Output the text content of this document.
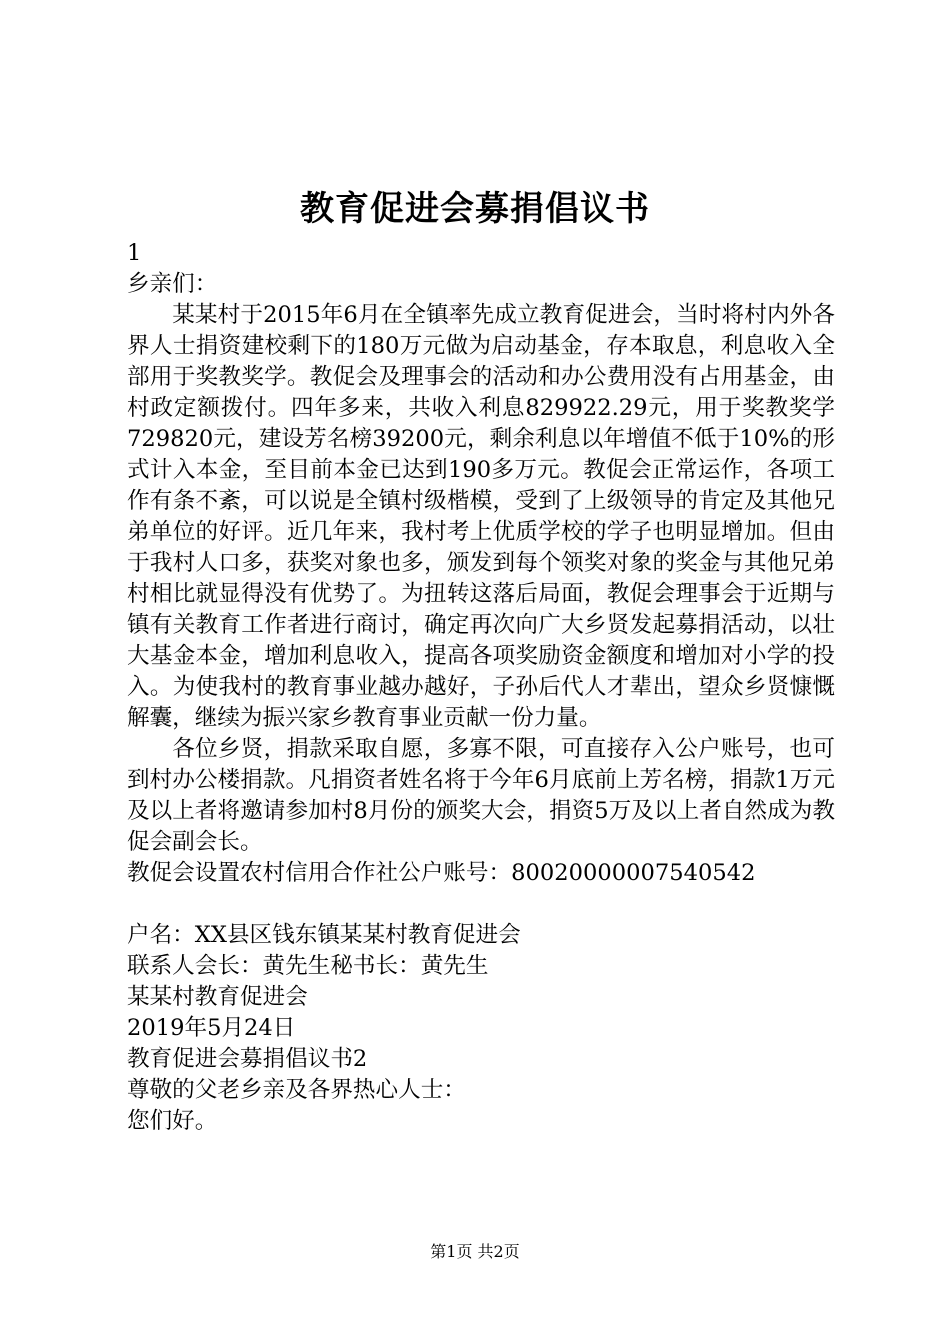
教育促进会募捐倡议书

1

乡亲们：

某某村于2015年6月在全镇率先成立教育促进会，当时将村内外各界人士捐资建校剩下的180万元做为启动基金，存本取息，利息收入全部用于奖教奖学。教促会及理事会的活动和办公费用没有占用基金，由村政定额拨付。四年多来，共收入利息829922.29元，用于奖教奖学729820元，建设芳名榜39200元，剩余利息以年增值不低于10%的形式计入本金，至目前本金已达到190多万元。教促会正常运作，各项工作有条不紊，可以说是全镇村级楷模，受到了上级领导的肯定及其他兄弟单位的好评。近几年来，我村考上优质学校的学子也明显增加。但由于我村人口多，获奖对象也多，颁发到每个领奖对象的奖金与其他兄弟村相比就显得没有优势了。为扭转这落后局面，教促会理事会于近期与镇有关教育工作者进行商讨，确定再次向广大乡贤发起募捐活动，以壮大基金本金，增加利息收入，提高各项奖励资金额度和增加对小学的投入。为使我村的教育事业越办越好，子孙后代人才辈出，望众乡贤慷慨解囊，继续为振兴家乡教育事业贡献一份力量。

各位乡贤，捐款采取自愿，多寡不限，可直接存入公户账号，也可到村办公楼捐款。凡捐资者姓名将于今年6月底前上芳名榜，捐款1万元及以上者将邀请参加村8月份的颁奖大会，捐资5万及以上者自然成为教促会副会长。

教促会设置农村信用合作社公户账号：80020000007540542

户名：XX县区钱东镇某某村教育促进会

联系人会长：黄先生秘书长：黄先生

某某村教育促进会

2019年5月24日

教育促进会募捐倡议书2

尊敬的父老乡亲及各界热心人士：

您们好。

第1页 共2页
